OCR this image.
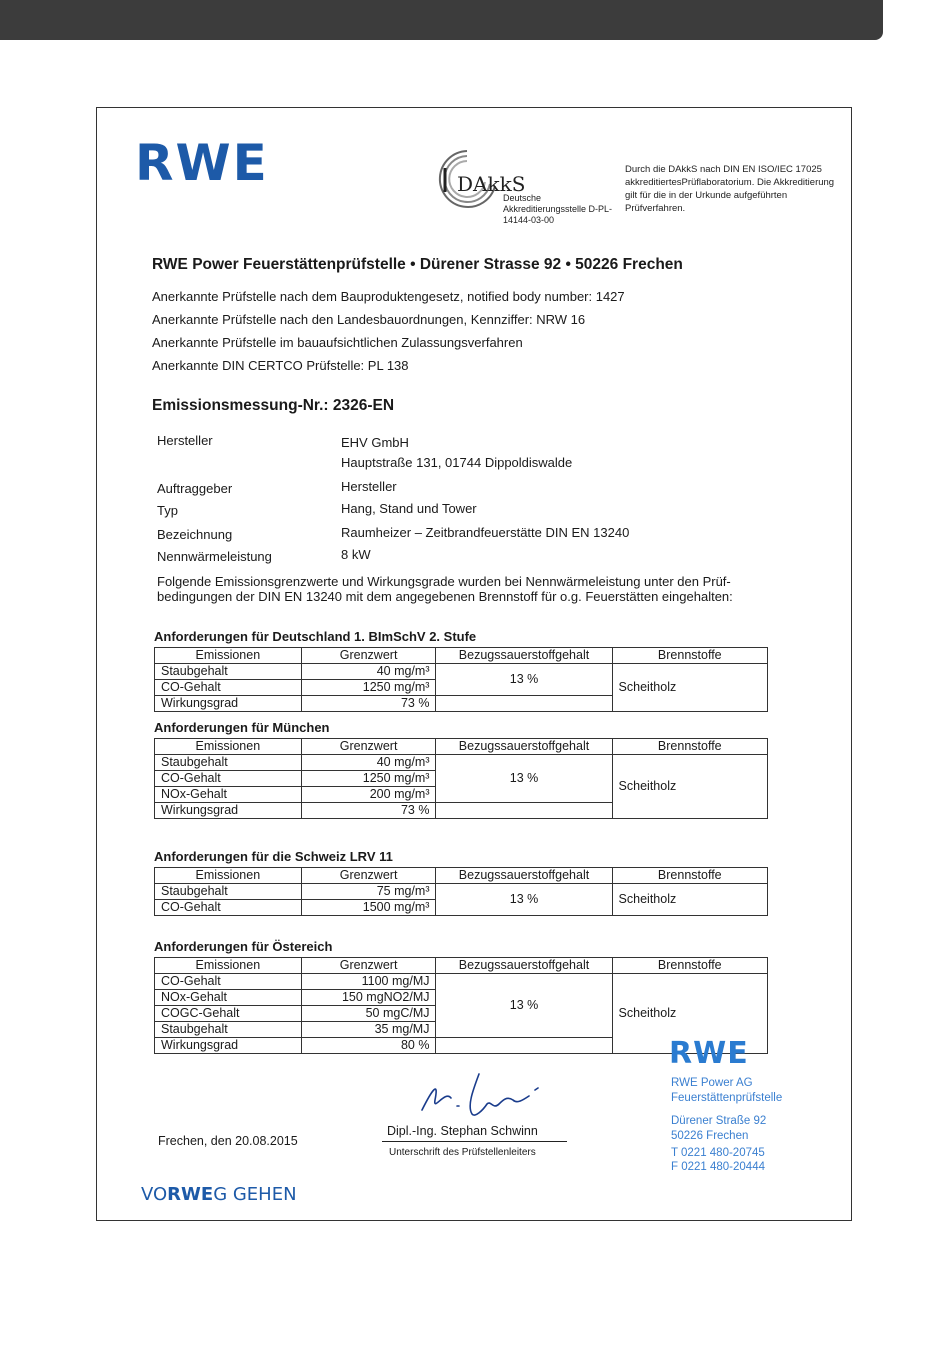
RWE	DAkkS
Deutsche Akkreditierungsstelle D-PL-14144-03-00
Durch die DAkkS nach DIN EN ISO/IEC 17025 akkreditiertesPrüflaboratorium. Die Akkreditierung gilt für die in der Urkunde aufgeführten Prüfverfahren.
RWE Power Feuerstättenprüfstelle • Dürener Strasse 92 • 50226 Frechen
Anerkannte Prüfstelle nach dem Bauproduktengesetz, notified body number: 1427
Anerkannte Prüfstelle nach den Landesbauordnungen, Kennziffer: NRW 16
Anerkannte Prüfstelle im bauaufsichtlichen Zulassungsverfahren
Anerkannte DIN CERTCO Prüfstelle: PL 138
Emissionsmessung-Nr.: 2326-EN
Hersteller	EHV GmbH
Hauptstraße 131, 01744 Dippoldiswalde
Auftraggeber	Hersteller
Typ	Hang, Stand und Tower
Bezeichnung	Raumheizer – Zeitbrandfeuerstätte DIN EN 13240
Nennwärmeleistung	8 kW
Folgende Emissionsgrenzwerte und Wirkungsgrade wurden bei Nennwärmeleistung unter den Prüf-bedingungen der DIN EN 13240 mit dem angegebenen Brennstoff für o.g. Feuerstätten eingehalten:
Anforderungen für Deutschland 1. BImSchV 2. Stufe
Emissionen	Grenzwert	Bezugssauerstoffgehalt	Brennstoffe
Staubgehalt	40 mg/m³	13 %	Scheitholz
CO-Gehalt	1250 mg/m³		
Wirkungsgrad	73 %		
Anforderungen für München
Emissionen	Grenzwert	Bezugssauerstoffgehalt	Brennstoffe
Staubgehalt	40 mg/m³	13 %	Scheitholz
CO-Gehalt	1250 mg/m³		
NOx-Gehalt	200 mg/m³		
Wirkungsgrad	73 %		
Anforderungen für die Schweiz LRV 11
Emissionen	Grenzwert	Bezugssauerstoffgehalt	Brennstoffe
Staubgehalt	75 mg/m³	13 %	Scheitholz
CO-Gehalt	1500 mg/m³		
Anforderungen für Östereich
Emissionen	Grenzwert	Bezugssauerstoffgehalt	Brennstoffe
CO-Gehalt	1100 mg/MJ	13 %	Scheitholz
NOx-Gehalt	150 mgNO2/MJ		
COGC-Gehalt	50 mgC/MJ		
Staubgehalt	35 mg/MJ		
Wirkungsgrad	80 %			RWE
RWE Power AG
Feuerstättenprüfstelle
Dürener Straße 92
50226 Frechen
T 0221 480-20745
F 0221 480-20444
Frechen, den 20.08.2015
Dipl.-Ing. Stephan Schwinn
Unterschrift des Prüfstellenleiters
VORWEG GEHEN
